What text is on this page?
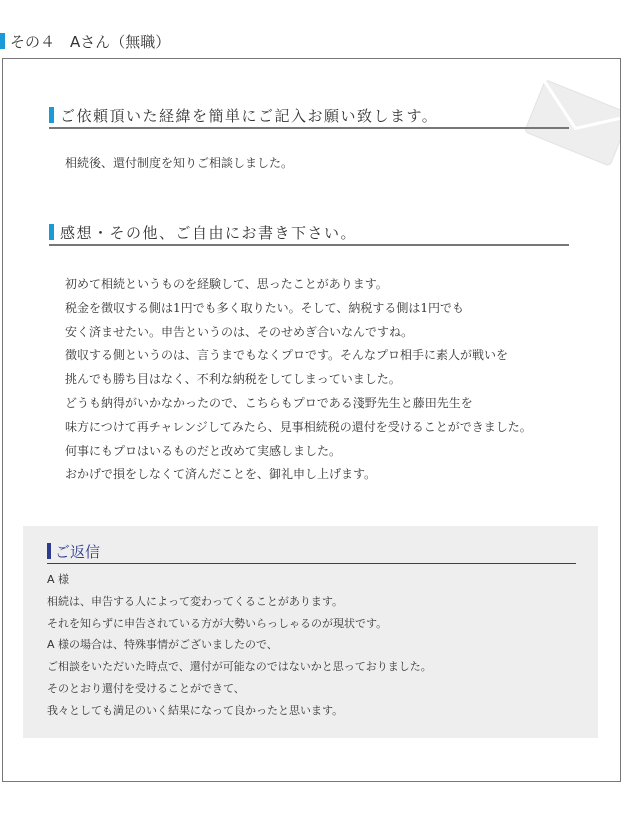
その４　Aさん（無職）
ご依頼頂いた経緯を簡単にご記入お願い致します。

相続後、還付制度を知りご相談しました。

感想・その他、ご自由にお書き下さい。
初めて相続というものを経験して、思ったことがあります。
税金を徴収する側は1円でも多く取りたい。そして、納税する側は1円でも
安く済ませたい。申告というのは、そのせめぎ合いなんですね。
徴収する側というのは、言うまでもなくプロです。そんなプロ相手に素人が戦いを
挑んでも勝ち目はなく、不利な納税をしてしまっていました。
どうも納得がいかなかったので、こちらもプロである淺野先生と藤田先生を
味方につけて再チャレンジしてみたら、見事相続税の還付を受けることができました。
何事にもプロはいるものだと改めて実感しました。
おかげで損をしなくて済んだことを、御礼申し上げます。
ご返信
A 様
相続は、申告する人によって変わってくることがあります。
それを知らずに申告されている方が大勢いらっしゃるのが現状です。
A 様の場合は、特殊事情がございましたので、
ご相談をいただいた時点で、還付が可能なのではないかと思っておりました。
そのとおり還付を受けることができて、
我々としても満足のいく結果になって良かったと思います。
